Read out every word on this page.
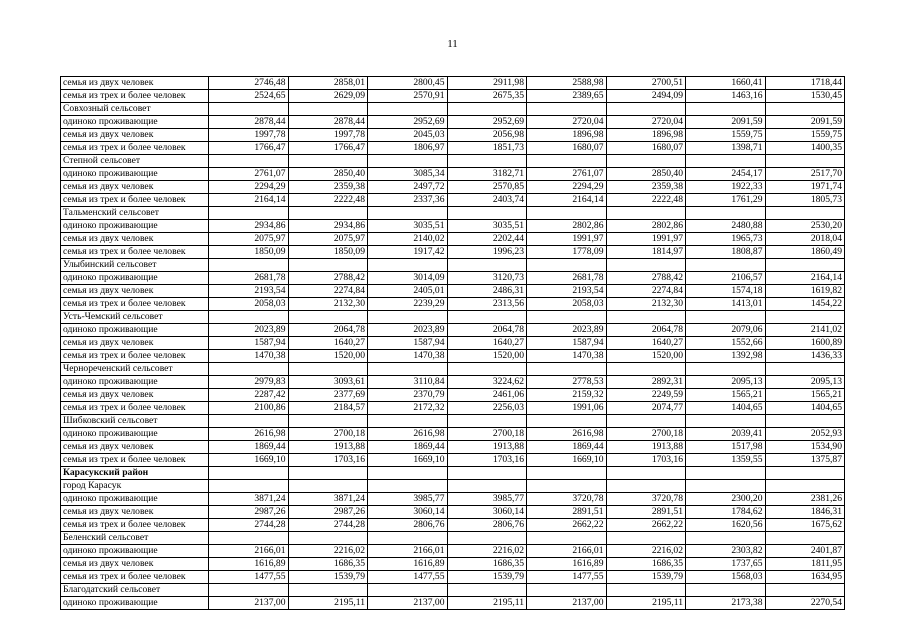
11
семья из двух человек	2746,48	2858,01	2800,45	2911,98	2588,98	2700,51	1660,41	1718,44
семья из трех и более человек	2524,65	2629,09	2570,91	2675,35	2389,65	2494,09	1463,16	1530,45
Совхозный сельсовет								
одиноко проживающие	2878,44	2878,44	2952,69	2952,69	2720,04	2720,04	2091,59	2091,59
семья из двух человек	1997,78	1997,78	2045,03	2056,98	1896,98	1896,98	1559,75	1559,75
семья из трех и более человек	1766,47	1766,47	1806,97	1851,73	1680,07	1680,07	1398,71	1400,35
Степной сельсовет								
одиноко проживающие	2761,07	2850,40	3085,34	3182,71	2761,07	2850,40	2454,17	2517,70
семья из двух человек	2294,29	2359,38	2497,72	2570,85	2294,29	2359,38	1922,33	1971,74
семья из трех и более человек	2164,14	2222,48	2337,36	2403,74	2164,14	2222,48	1761,29	1805,73
Тальменский сельсовет								
одиноко проживающие	2934,86	2934,86	3035,51	3035,51	2802,86	2802,86	2480,88	2530,20
семья из двух человек	2075,97	2075,97	2140,02	2202,44	1991,97	1991,97	1965,73	2018,04
семья из трех и более человек	1850,09	1850,09	1917,42	1996,23	1778,09	1814,97	1808,87	1860,49
Улыбинский сельсовет								
одиноко проживающие	2681,78	2788,42	3014,09	3120,73	2681,78	2788,42	2106,57	2164,14
семья из двух человек	2193,54	2274,84	2405,01	2486,31	2193,54	2274,84	1574,18	1619,82
семья из трех и более человек	2058,03	2132,30	2239,29	2313,56	2058,03	2132,30	1413,01	1454,22
Усть-Чемский сельсовет								
одиноко проживающие	2023,89	2064,78	2023,89	2064,78	2023,89	2064,78	2079,06	2141,02
семья из двух человек	1587,94	1640,27	1587,94	1640,27	1587,94	1640,27	1552,66	1600,89
семья из трех и более человек	1470,38	1520,00	1470,38	1520,00	1470,38	1520,00	1392,98	1436,33
Чернореченский сельсовет								
одиноко проживающие	2979,83	3093,61	3110,84	3224,62	2778,53	2892,31	2095,13	2095,13
семья из двух человек	2287,42	2377,69	2370,79	2461,06	2159,32	2249,59	1565,21	1565,21
семья из трех и более человек	2100,86	2184,57	2172,32	2256,03	1991,06	2074,77	1404,65	1404,65
Шибковский сельсовет								
одиноко проживающие	2616,98	2700,18	2616,98	2700,18	2616,98	2700,18	2039,41	2052,93
семья из двух человек	1869,44	1913,88	1869,44	1913,88	1869,44	1913,88	1517,98	1534,90
семья из трех и более человек	1669,10	1703,16	1669,10	1703,16	1669,10	1703,16	1359,55	1375,87
Карасукский район								
город Карасук								
одиноко проживающие	3871,24	3871,24	3985,77	3985,77	3720,78	3720,78	2300,20	2381,26
семья из двух человек	2987,26	2987,26	3060,14	3060,14	2891,51	2891,51	1784,62	1846,31
семья из трех и более человек	2744,28	2744,28	2806,76	2806,76	2662,22	2662,22	1620,56	1675,62
Беленский сельсовет								
одиноко проживающие	2166,01	2216,02	2166,01	2216,02	2166,01	2216,02	2303,82	2401,87
семья из двух человек	1616,89	1686,35	1616,89	1686,35	1616,89	1686,35	1737,65	1811,95
семья из трех и более человек	1477,55	1539,79	1477,55	1539,79	1477,55	1539,79	1568,03	1634,95
Благодатский сельсовет								
одиноко проживающие	2137,00	2195,11	2137,00	2195,11	2137,00	2195,11	2173,38	2270,54
